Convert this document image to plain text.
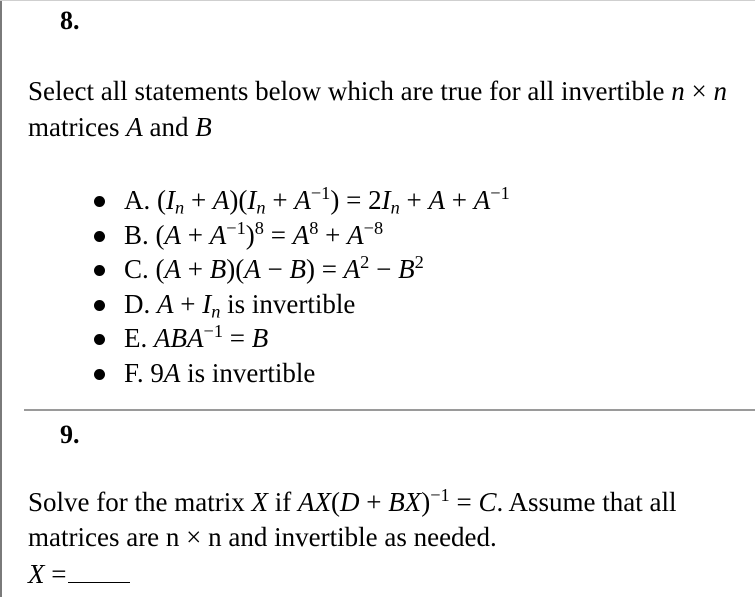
8.
Select all statements below which are true for all invertible n × n
matrices A and B
A. $(I_n + A)(I_n + A^{-1}) = 2I_n + A + A^{-1}$
B. $(A + A^{-1})^8 = A^8 + A^{-8}$
C. $(A + B)(A - B) = A^2 - B^2$
D. $A + I_n$ is invertible
E. $ABA^{-1} = B$
F. 9A is invertible
9.
Solve for the matrix X if AX(D + BX)$^{-1}$ = C. Assume that all
matrices are n × n and invertible as needed.
X =
